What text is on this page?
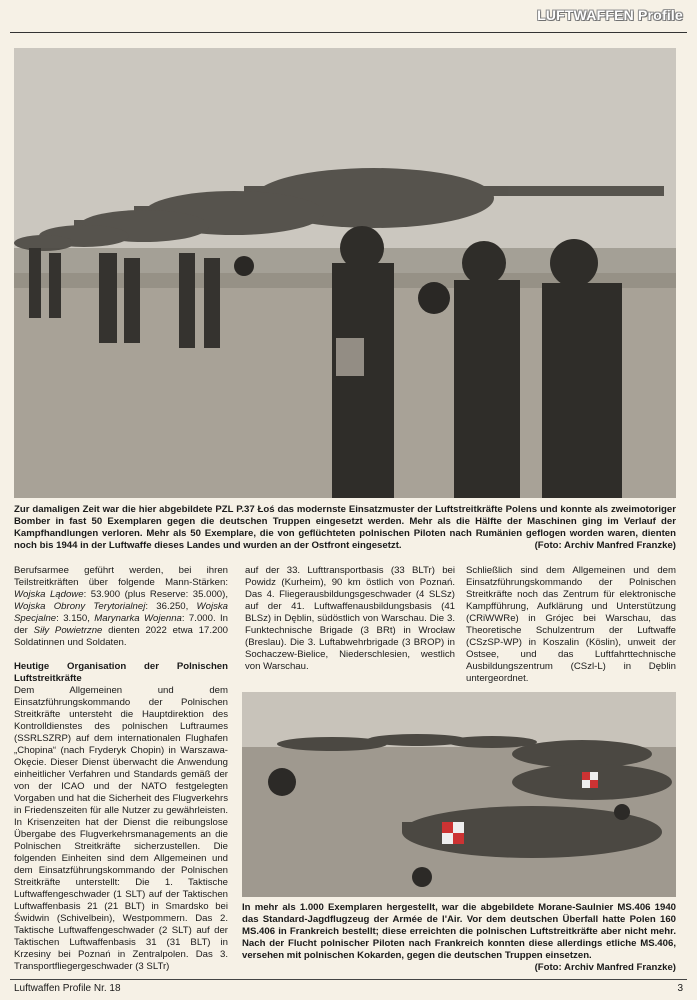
LUFTWAFFEN Profile
Zur damaligen Zeit war die hier abgebildete PZL P.37 Łoś das modernste Einsatzmuster der Luftstreitkräfte Polens und konnte als zweimotoriger Bomber in fast 50 Exemplaren gegen die deutschen Truppen eingesetzt werden. Mehr als die Hälfte der Maschinen ging im Verlauf der Kampfhandlungen verloren. Mehr als 50 Exemplare, die von geflüchteten polnischen Piloten nach Rumänien geflogen worden waren, dienten noch bis 1944 in der Luftwaffe dieses Landes und wurden an der Ostfront eingesetzt.	(Foto: Archiv Manfred Franzke)

Berufsarmee geführt werden, bei ihren Teilstreitkräften über folgende Mann-Stärken: Wojska Lądowe: 53.900 (plus Reserve: 35.000), Wojska Obrony Terytorialnej: 36.250, Wojska Specjalne: 3.150, Marynarka Wojenna: 7.000. In der Siły Powietrzne dienten 2022 etwa 17.200 Soldatinnen und Soldaten.

Heutige Organisation der Polnischen Luftstreitkräfte

Dem Allgemeinen und dem Einsatzführungskommando der Polnischen Streitkräfte untersteht die Hauptdirektion des Kontrolldienstes des polnischen Luftraumes (SSRLSZRP) auf dem internationalen Flughafen „Chopina“ (nach Fryderyk Chopin) in Warszawa-Okęcie. Dieser Dienst überwacht die Anwendung einheitlicher Verfahren und Standards gemäß der von der ICAO und der NATO festgelegten Vorgaben und hat die Sicherheit des Flugverkehrs in Friedenszeiten für alle Nutzer zu gewährleisten. In Krisenzeiten hat der Dienst die reibungslose Übergabe des Flugverkehrsmanagements an die Polnischen Streitkräfte sicherzustellen. Die folgenden Einheiten sind dem Allgemeinen und dem Einsatzführungskommando der Polnischen Streitkräfte unterstellt: Die 1. Taktische Luftwaffengeschwader (1 SLT) auf der Taktischen Luftwaffenbasis 21 (21 BLT) in Smardsko bei Świdwin (Schivelbein), Westpommern. Das 2. Taktische Luftwaffengeschwader (2 SLT) auf der Taktischen Luftwaffenbasis 31 (31 BLT) in Krzesiny bei Poznań in Zentralpolen. Das 3. Transportfliegergeschwader (3 SLTr)

auf der 33. Lufttransportbasis (33 BLTr) bei Powidz (Kurheim), 90 km östlich von Poznań. Das 4. Fliegerausbildungsgeschwader (4 SLSz) auf der 41. Luftwaffenausbildungsbasis (41 BLSz) in Dęblin, südöstlich von Warschau. Die 3. Funktechnische Brigade (3 BRt) in Wrocław (Breslau). Die 3. Luftabwehrbrigade (3 BROP) in Sochaczew-Bielice, Niederschlesien, westlich von Warschau.

Schließlich sind dem Allgemeinen und dem Einsatzführungskommando der Polnischen Streitkräfte noch das Zentrum für elektronische Kampfführung, Aufklärung und Unterstützung (CRiWWRe) in Grójec bei Warschau, das Theoretische Schulzentrum der Luftwaffe (CSzSP-WP) in Koszalin (Köslin), unweit der Ostsee, und das Luftfahrttechnische Ausbildungszentrum (CSzl-L) in Dęblin untergeordnet.

In mehr als 1.000 Exemplaren hergestellt, war die abgebildete Morane-Saulnier MS.406 1940 das Standard-Jagdflugzeug der Armée de l'Air. Vor dem deutschen Überfall hatte Polen 160 MS.406 in Frankreich bestellt; diese erreichten die polnischen Luftstreitkräfte aber nicht mehr. Nach der Flucht polnischer Piloten nach Frankreich konnten diese allerdings etliche MS.406, versehen mit polnischen Kokarden, gegen die deutschen Truppen einsetzen.
(Foto: Archiv Manfred Franzke)
Luftwaffen Profile Nr. 18	3
